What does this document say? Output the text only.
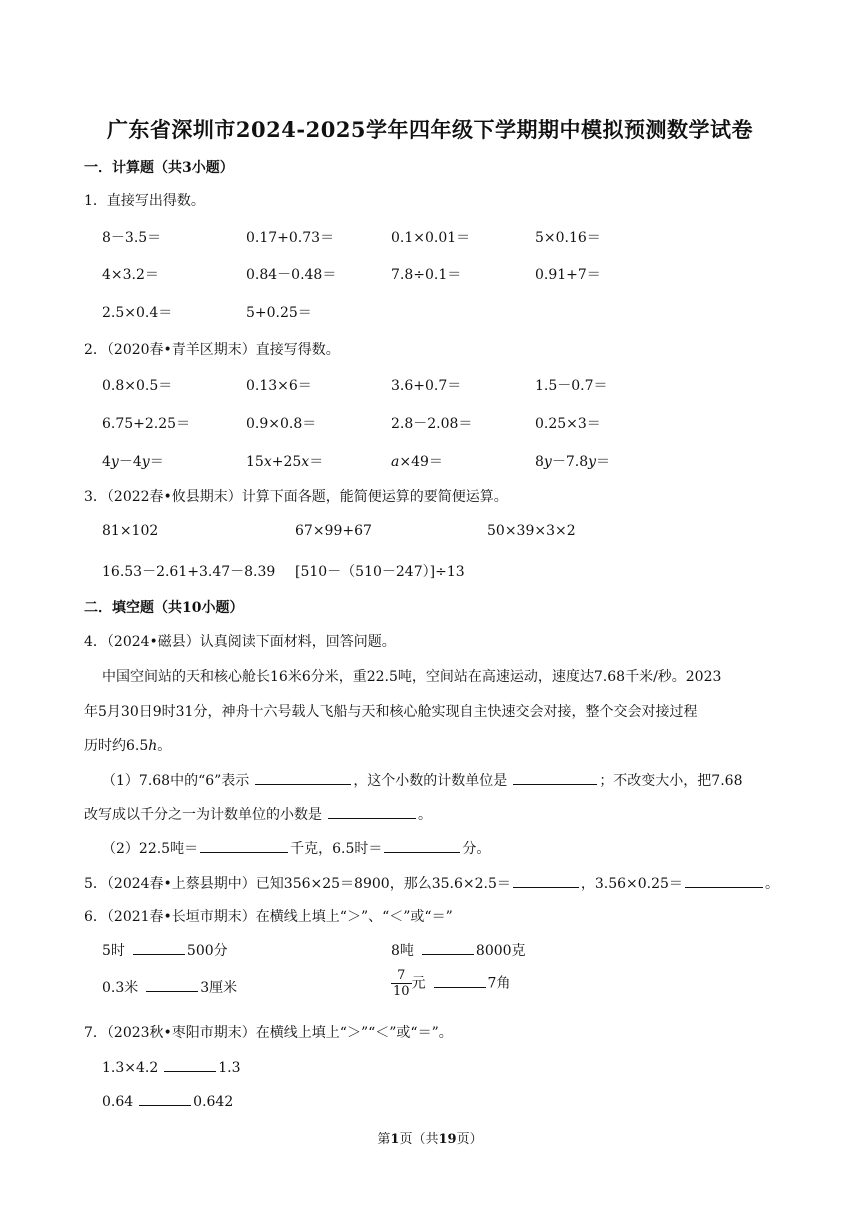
广东省深圳市2024-2025学年四年级下学期期中模拟预测数学试卷
一．计算题（共3小题）
1．直接写出得数。
8－3.5＝	0.17+0.73＝	0.1×0.01＝	5×0.16＝
4×3.2＝	0.84－0.48＝	7.8÷0.1＝	0.91+7＝
2.5×0.4＝	5+0.25＝
2．（2020春•青羊区期末）直接写得数。
0.8×0.5＝	0.13×6＝	3.6+0.7＝	1.5－0.7＝
6.75+2.25＝	0.9×0.8＝	2.8－2.08＝	0.25×3＝
4y－4y＝	15x+25x＝	a×49＝	8y－7.8y＝
3．（2022春•攸县期末）计算下面各题，能简便运算的要简便运算。
81×102	67×99+67	50×39×3×2
16.53－2.61+3.47－8.39 [510－（510－247）]÷13
二．填空题（共10小题）
4．（2024•磁县）认真阅读下面材料，回答问题。
中国空间站的天和核心舱长16米6分米，重22.5吨，空间站在高速运动，速度达7.68千米/秒。2023
年5月30日9时31分，神舟十六号载人飞船与天和核心舱实现自主快速交会对接，整个交会对接过程
历时约6.5h。
（1）7.68中的“6”表示	，这个小数的计数单位是	；不改变大小，把7.68
改写成以千分之一为计数单位的小数是	。
（2）22.5吨＝	千克，6.5时＝	分。
5．（2024春•上蔡县期中）已知356×25＝8900，那么35.6×2.5＝	，3.56×0.25＝	。
6．（2021春•长垣市期末）在横线上填上“＞”、“＜”或“＝”
5时	500分	8吨	8000克
0.3米	3厘米	$\frac{7}{10}$ 元	7角
7．（2023秋•枣阳市期末）在横线上填上“＞”“＜”或“＝”。
1.3×4.2	1.3
0.64	0.642
第1页（共19页）
